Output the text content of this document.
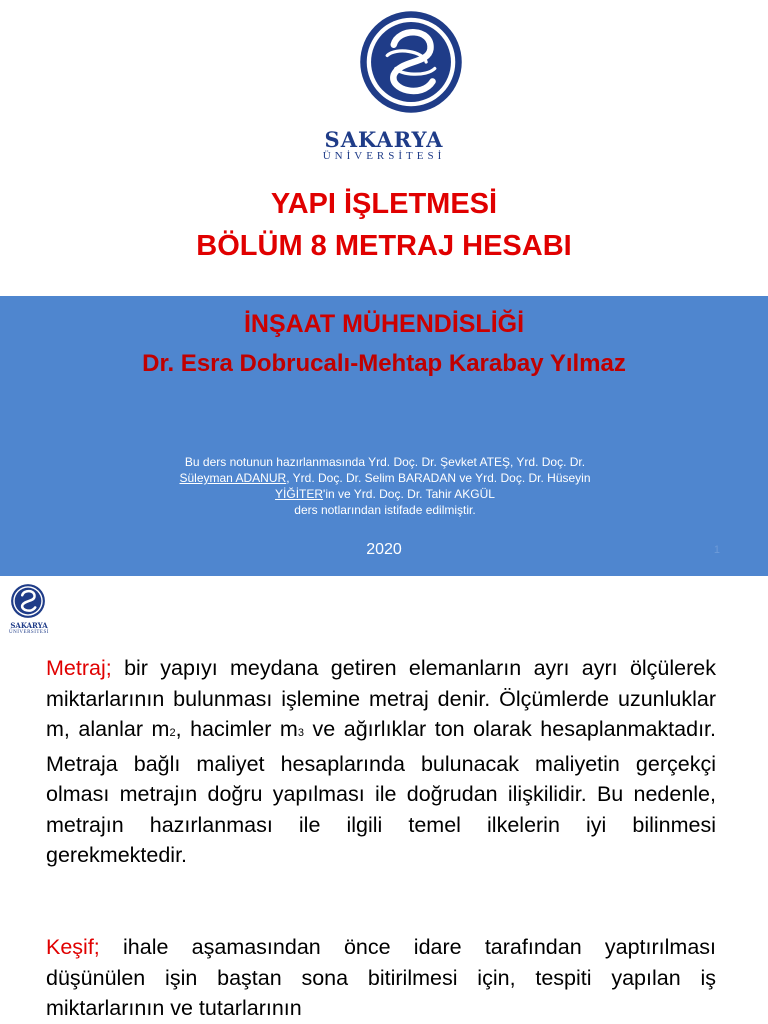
SAKARYA
ÜNİVERSİTESİ
YAPI İŞLETMESİ
BÖLÜM 8 METRAJ HESABI
İNŞAAT MÜHENDİSLİĞİ
Dr. Esra Dobrucalı-Mehtap Karabay Yılmaz
Bu ders notunun hazırlanmasında Yrd. Doç. Dr. Şevket ATEŞ, Yrd. Doç. Dr.
Süleyman ADANUR, Yrd. Doç. Dr. Selim BARADAN ve Yrd. Doç. Dr. Hüseyin
YİĞİTER'in ve Yrd. Doç. Dr. Tahir AKGÜL
ders notlarından istifade edilmiştir.
2020	1
SAKARYA
ÜNİVERSİTESİ
Metraj; bir yapıyı meydana getiren elemanların ayrı ayrı ölçülerek miktarlarının bulunması işlemine metraj denir. Ölçümlerde uzunluklar m, alanlar m2, hacimler m3 ve ağırlıklar ton olarak hesaplanmaktadır. Metraja bağlı maliyet hesaplarında bulunacak maliyetin gerçekçi olması metrajın doğru yapılması ile doğrudan ilişkilidir. Bu nedenle, metrajın hazırlanması ile ilgili temel ilkelerin iyi bilinmesi gerekmektedir.
Keşif; ihale aşamasından önce idare tarafından yaptırılması düşünülen işin baştan sona bitirilmesi için, tespiti yapılan iş miktarlarının ve tutarlarının
